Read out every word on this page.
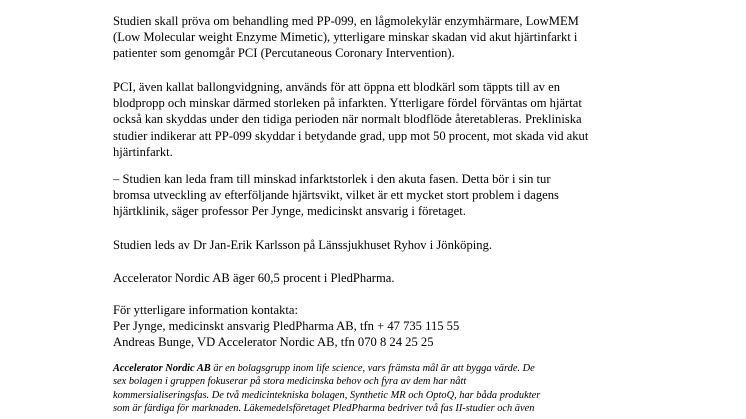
Studien skall pröva om behandling med PP-099, en lågmolekylär enzymhärmare, LowMEM
(Low Molecular weight Enzyme Mimetic), ytterligare minskar skadan vid akut hjärtinfarkt i
patienter som genomgår PCI (Percutaneous Coronary Intervention).

PCI, även kallat ballongvidgning, används för att öppna ett blodkärl som täppts till av en
blodpropp och minskar därmed storleken på infarkten. Ytterligare fördel förväntas om hjärtat
också kan skyddas under den tidiga perioden när normalt blodflöde återetableras. Prekliniska
studier indikerar att PP-099 skyddar i betydande grad, upp mot 50 procent, mot skada vid akut
hjärtinfarkt.

– Studien kan leda fram till minskad infarktstorlek i den akuta fasen. Detta bör i sin tur
bromsa utveckling av efterföljande hjärtsvikt, vilket är ett mycket stort problem i dagens
hjärtklinik, säger professor Per Jynge, medicinskt ansvarig i företaget.

Studien leds av Dr Jan-Erik Karlsson på Länssjukhuset Ryhov i Jönköping.

Accelerator Nordic AB äger 60,5 procent i PledPharma.

För ytterligare information kontakta:
Per Jynge, medicinskt ansvarig PledPharma AB, tfn + 47 735 115 55
Andreas Bunge, VD Accelerator Nordic AB, tfn 070 8 24 25 25

Accelerator Nordic AB är en bolagsgrupp inom life science, vars främsta mål är att bygga värde. De
sex bolagen i gruppen fokuserar på stora medicinska behov och fyra av dem har nått
kommersialiseringsfas. De två medicintekniska bolagen, Synthetic MR och OptoQ, har båda produkter
som är färdiga för marknaden. Läkemedelsföretaget PledPharma bedriver två fas II-studier och även
